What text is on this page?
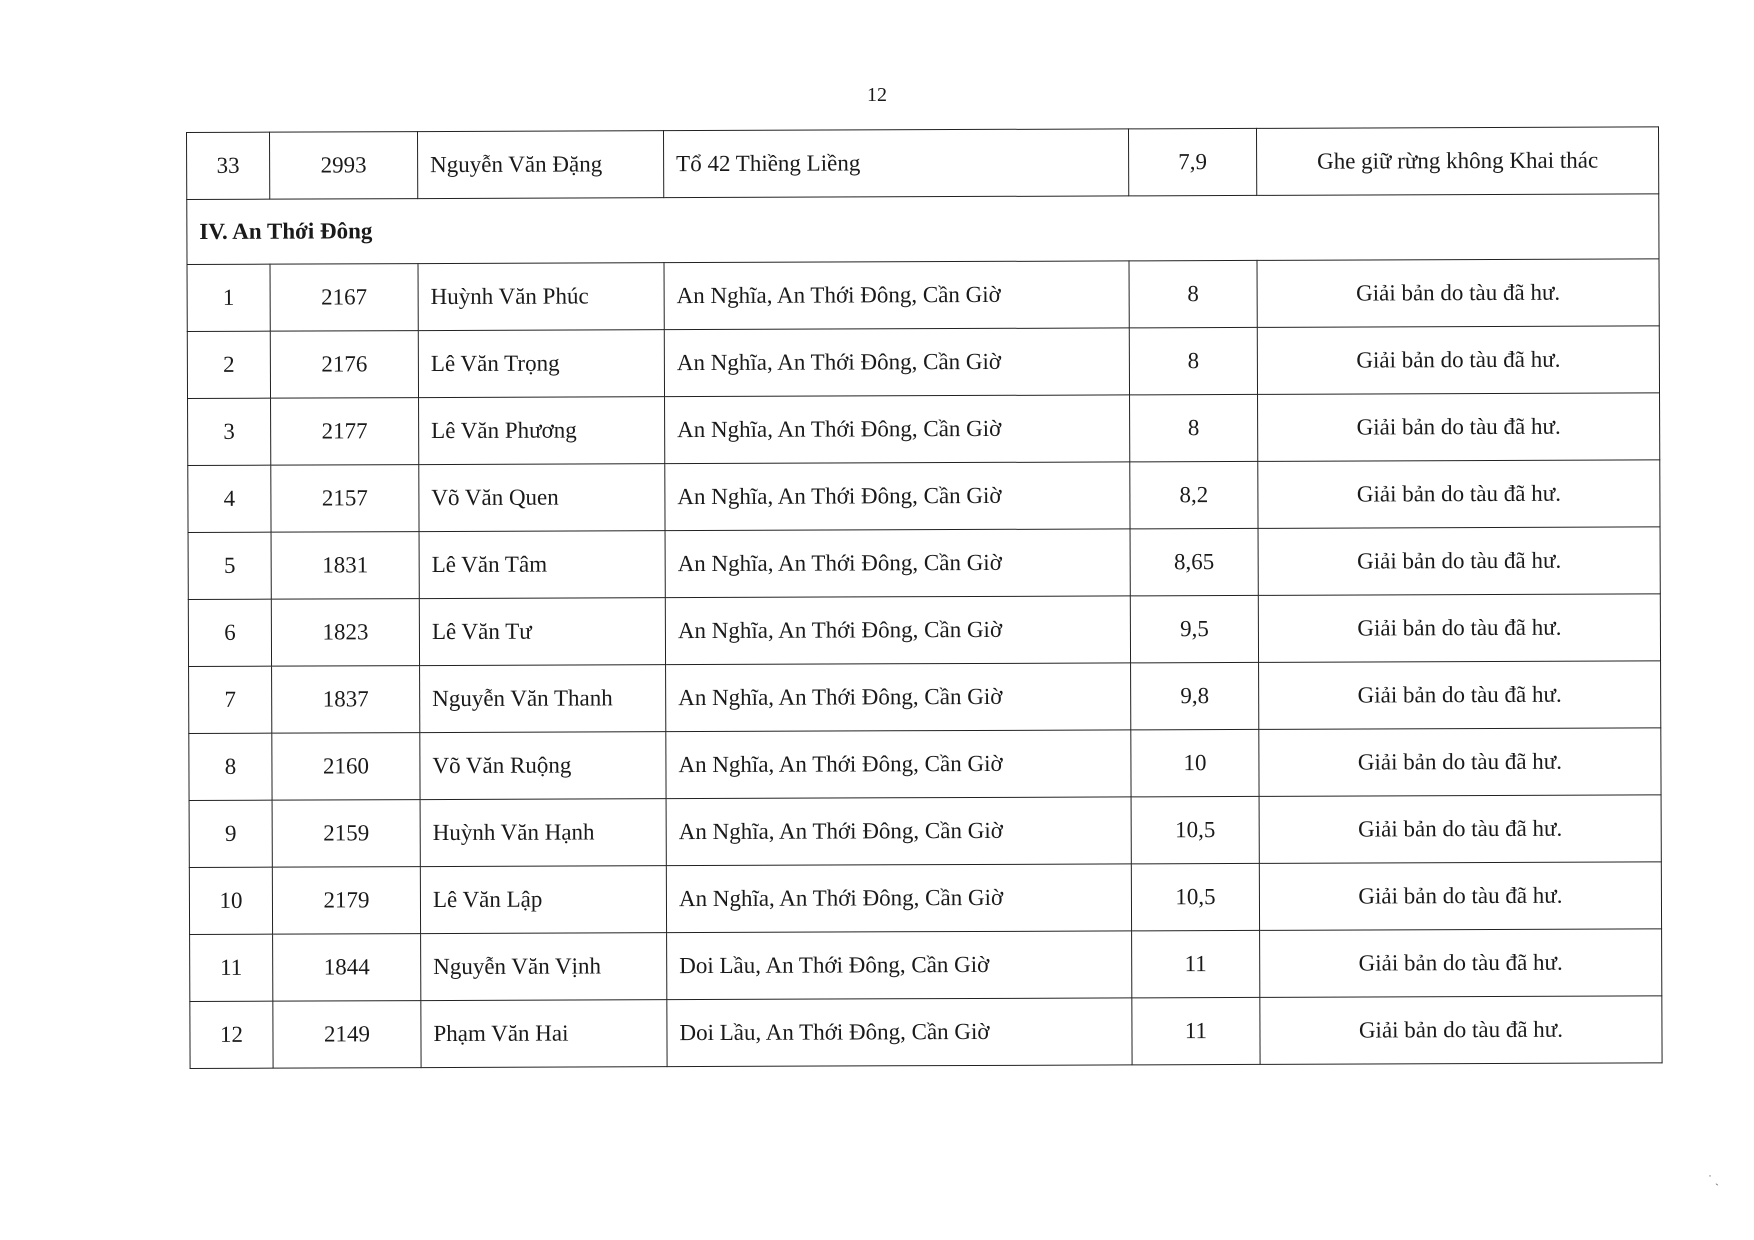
12
33	2993	Nguyễn Văn Đặng	Tổ 42 Thiềng Liềng	7,9	Ghe giữ rừng không Khai thác
IV. An Thới Đông					
1	2167	Huỳnh Văn Phúc	An Nghĩa, An Thới Đông, Cần Giờ	8	Giải bản do tàu đã hư.
2	2176	Lê Văn Trọng	An Nghĩa, An Thới Đông, Cần Giờ	8	Giải bản do tàu đã hư.
3	2177	Lê Văn Phương	An Nghĩa, An Thới Đông, Cần Giờ	8	Giải bản do tàu đã hư.
4	2157	Võ Văn Quen	An Nghĩa, An Thới Đông, Cần Giờ	8,2	Giải bản do tàu đã hư.
5	1831	Lê Văn Tâm	An Nghĩa, An Thới Đông, Cần Giờ	8,65	Giải bản do tàu đã hư.
6	1823	Lê Văn Tư	An Nghĩa, An Thới Đông, Cần Giờ	9,5	Giải bản do tàu đã hư.
7	1837	Nguyễn Văn Thanh	An Nghĩa, An Thới Đông, Cần Giờ	9,8	Giải bản do tàu đã hư.
8	2160	Võ Văn Ruộng	An Nghĩa, An Thới Đông, Cần Giờ	10	Giải bản do tàu đã hư.
9	2159	Huỳnh Văn Hạnh	An Nghĩa, An Thới Đông, Cần Giờ	10,5	Giải bản do tàu đã hư.
10	2179	Lê Văn Lập	An Nghĩa, An Thới Đông, Cần Giờ	10,5	Giải bản do tàu đã hư.
11	1844	Nguyễn Văn Vịnh	Doi Lầu, An Thới Đông, Cần Giờ	11	Giải bản do tàu đã hư.
12	2149	Phạm Văn Hai	Doi Lầu, An Thới Đông, Cần Giờ	11	Giải bản do tàu đã hư.
˙ ˏ
